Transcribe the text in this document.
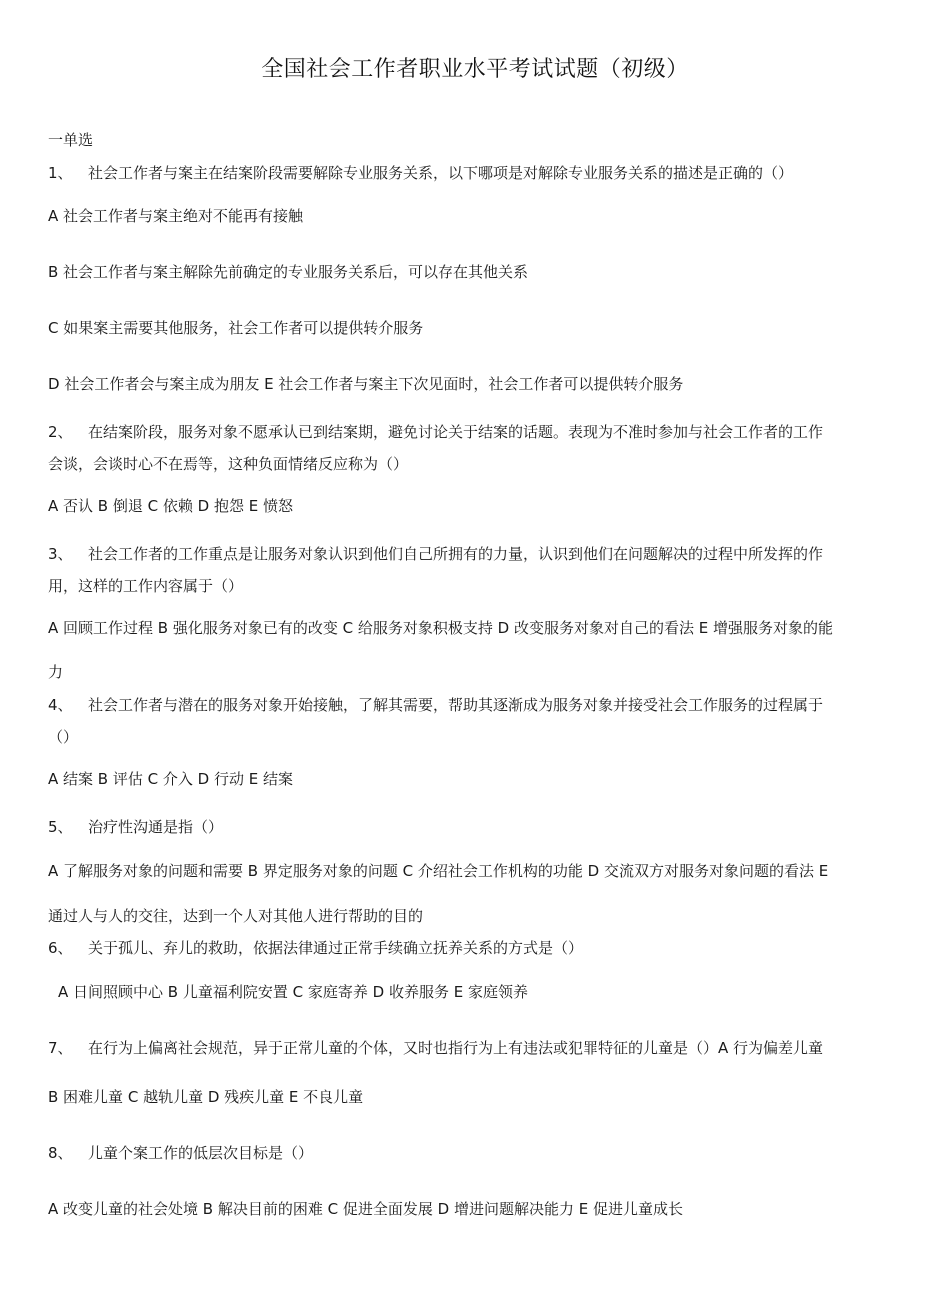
全国社会工作者职业水平考试试题（初级）
一单选
1、 社会工作者与案主在结案阶段需要解除专业服务关系，以下哪项是对解除专业服务关系的描述是正确的（）
A 社会工作者与案主绝对不能再有接触
B 社会工作者与案主解除先前确定的专业服务关系后，可以存在其他关系
C 如果案主需要其他服务，社会工作者可以提供转介服务
D 社会工作者会与案主成为朋友 E 社会工作者与案主下次见面时，社会工作者可以提供转介服务
2、 在结案阶段，服务对象不愿承认已到结案期，避免讨论关于结案的话题。表现为不准时参加与社会工作者的工作
会谈，会谈时心不在焉等，这种负面情绪反应称为（）
A 否认 B 倒退 C 依赖 D 抱怨 E 愤怒
3、 社会工作者的工作重点是让服务对象认识到他们自己所拥有的力量，认识到他们在问题解决的过程中所发挥的作
用，这样的工作内容属于（）
A 回顾工作过程 B 强化服务对象已有的改变 C 给服务对象积极支持 D 改变服务对象对自己的看法 E 增强服务对象的能
力
4、 社会工作者与潜在的服务对象开始接触，了解其需要，帮助其逐渐成为服务对象并接受社会工作服务的过程属于
（）
A 结案 B 评估 C 介入 D 行动 E 结案
5、 治疗性沟通是指（）
A 了解服务对象的问题和需要 B 界定服务对象的问题 C 介绍社会工作机构的功能 D 交流双方对服务对象问题的看法 E
通过人与人的交往，达到一个人对其他人进行帮助的目的
6、 关于孤儿、弃儿的救助，依据法律通过正常手续确立抚养关系的方式是（）
A 日间照顾中心 B 儿童福利院安置 C 家庭寄养 D 收养服务 E 家庭领养
7、 在行为上偏离社会规范，异于正常儿童的个体，又时也指行为上有违法或犯罪特征的儿童是（）A 行为偏差儿童
B 困难儿童 C 越轨儿童 D 残疾儿童 E 不良儿童
8、 儿童个案工作的低层次目标是（）
A 改变儿童的社会处境 B 解决目前的困难 C 促进全面发展 D 增进问题解决能力 E 促进儿童成长
